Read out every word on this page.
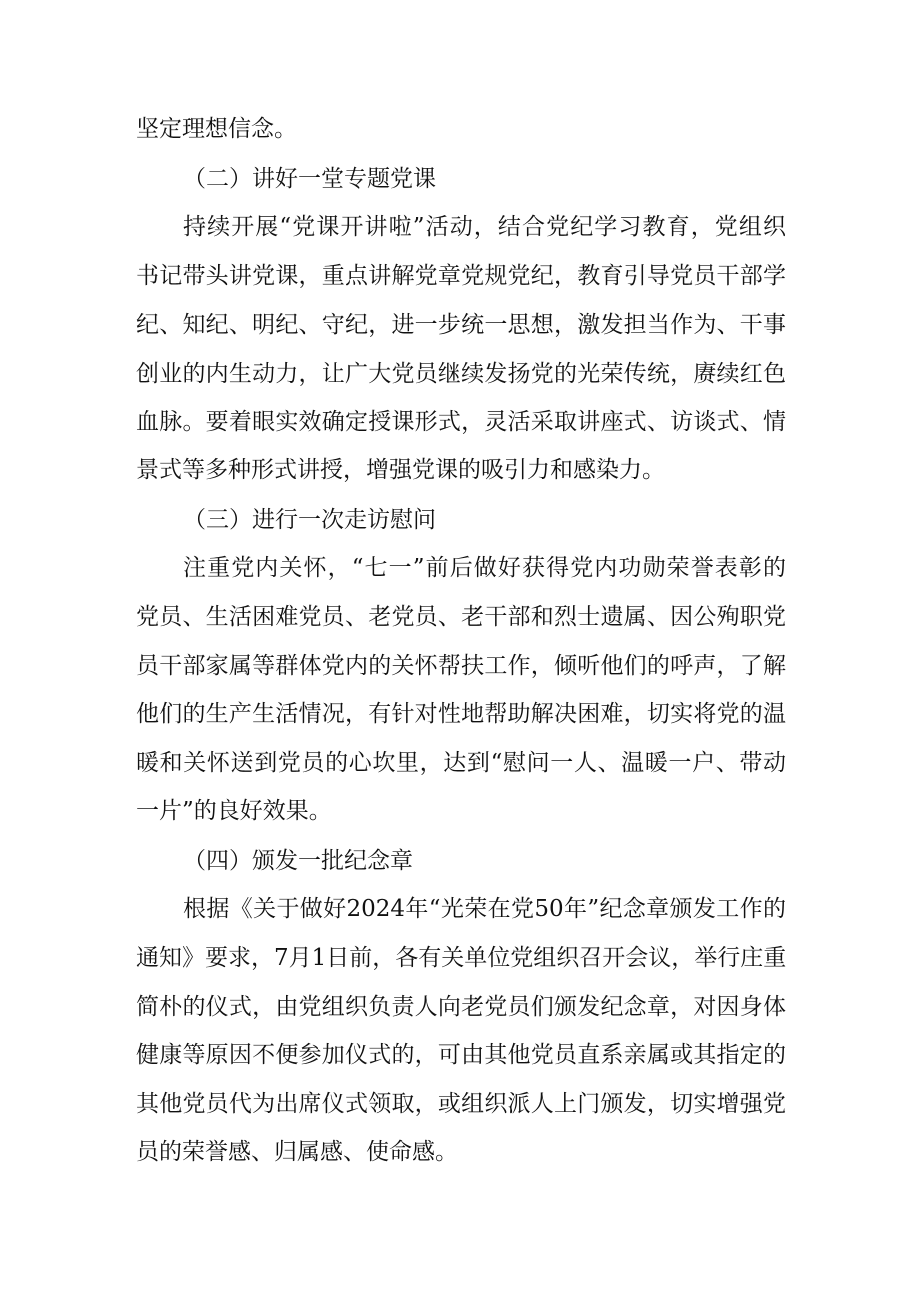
坚定理想信念。
（二）讲好一堂专题党课
持续开展“党课开讲啦”活动，结合党纪学习教育，党组织
书记带头讲党课，重点讲解党章党规党纪，教育引导党员干部学
纪、知纪、明纪、守纪，进一步统一思想，激发担当作为、干事
创业的内生动力，让广大党员继续发扬党的光荣传统，赓续红色
血脉。要着眼实效确定授课形式，灵活采取讲座式、访谈式、情
景式等多种形式讲授，增强党课的吸引力和感染力。
（三）进行一次走访慰问
注重党内关怀，“七一”前后做好获得党内功勋荣誉表彰的
党员、生活困难党员、老党员、老干部和烈士遗属、因公殉职党
员干部家属等群体党内的关怀帮扶工作，倾听他们的呼声，了解
他们的生产生活情况，有针对性地帮助解决困难，切实将党的温
暖和关怀送到党员的心坎里，达到“慰问一人、温暖一户、带动
一片”的良好效果。
（四）颁发一批纪念章
根据《关于做好2024年“光荣在党50年”纪念章颁发工作的
通知》要求，7月1日前，各有关单位党组织召开会议，举行庄重
简朴的仪式，由党组织负责人向老党员们颁发纪念章，对因身体
健康等原因不便参加仪式的，可由其他党员直系亲属或其指定的
其他党员代为出席仪式领取，或组织派人上门颁发，切实增强党
员的荣誉感、归属感、使命感。
